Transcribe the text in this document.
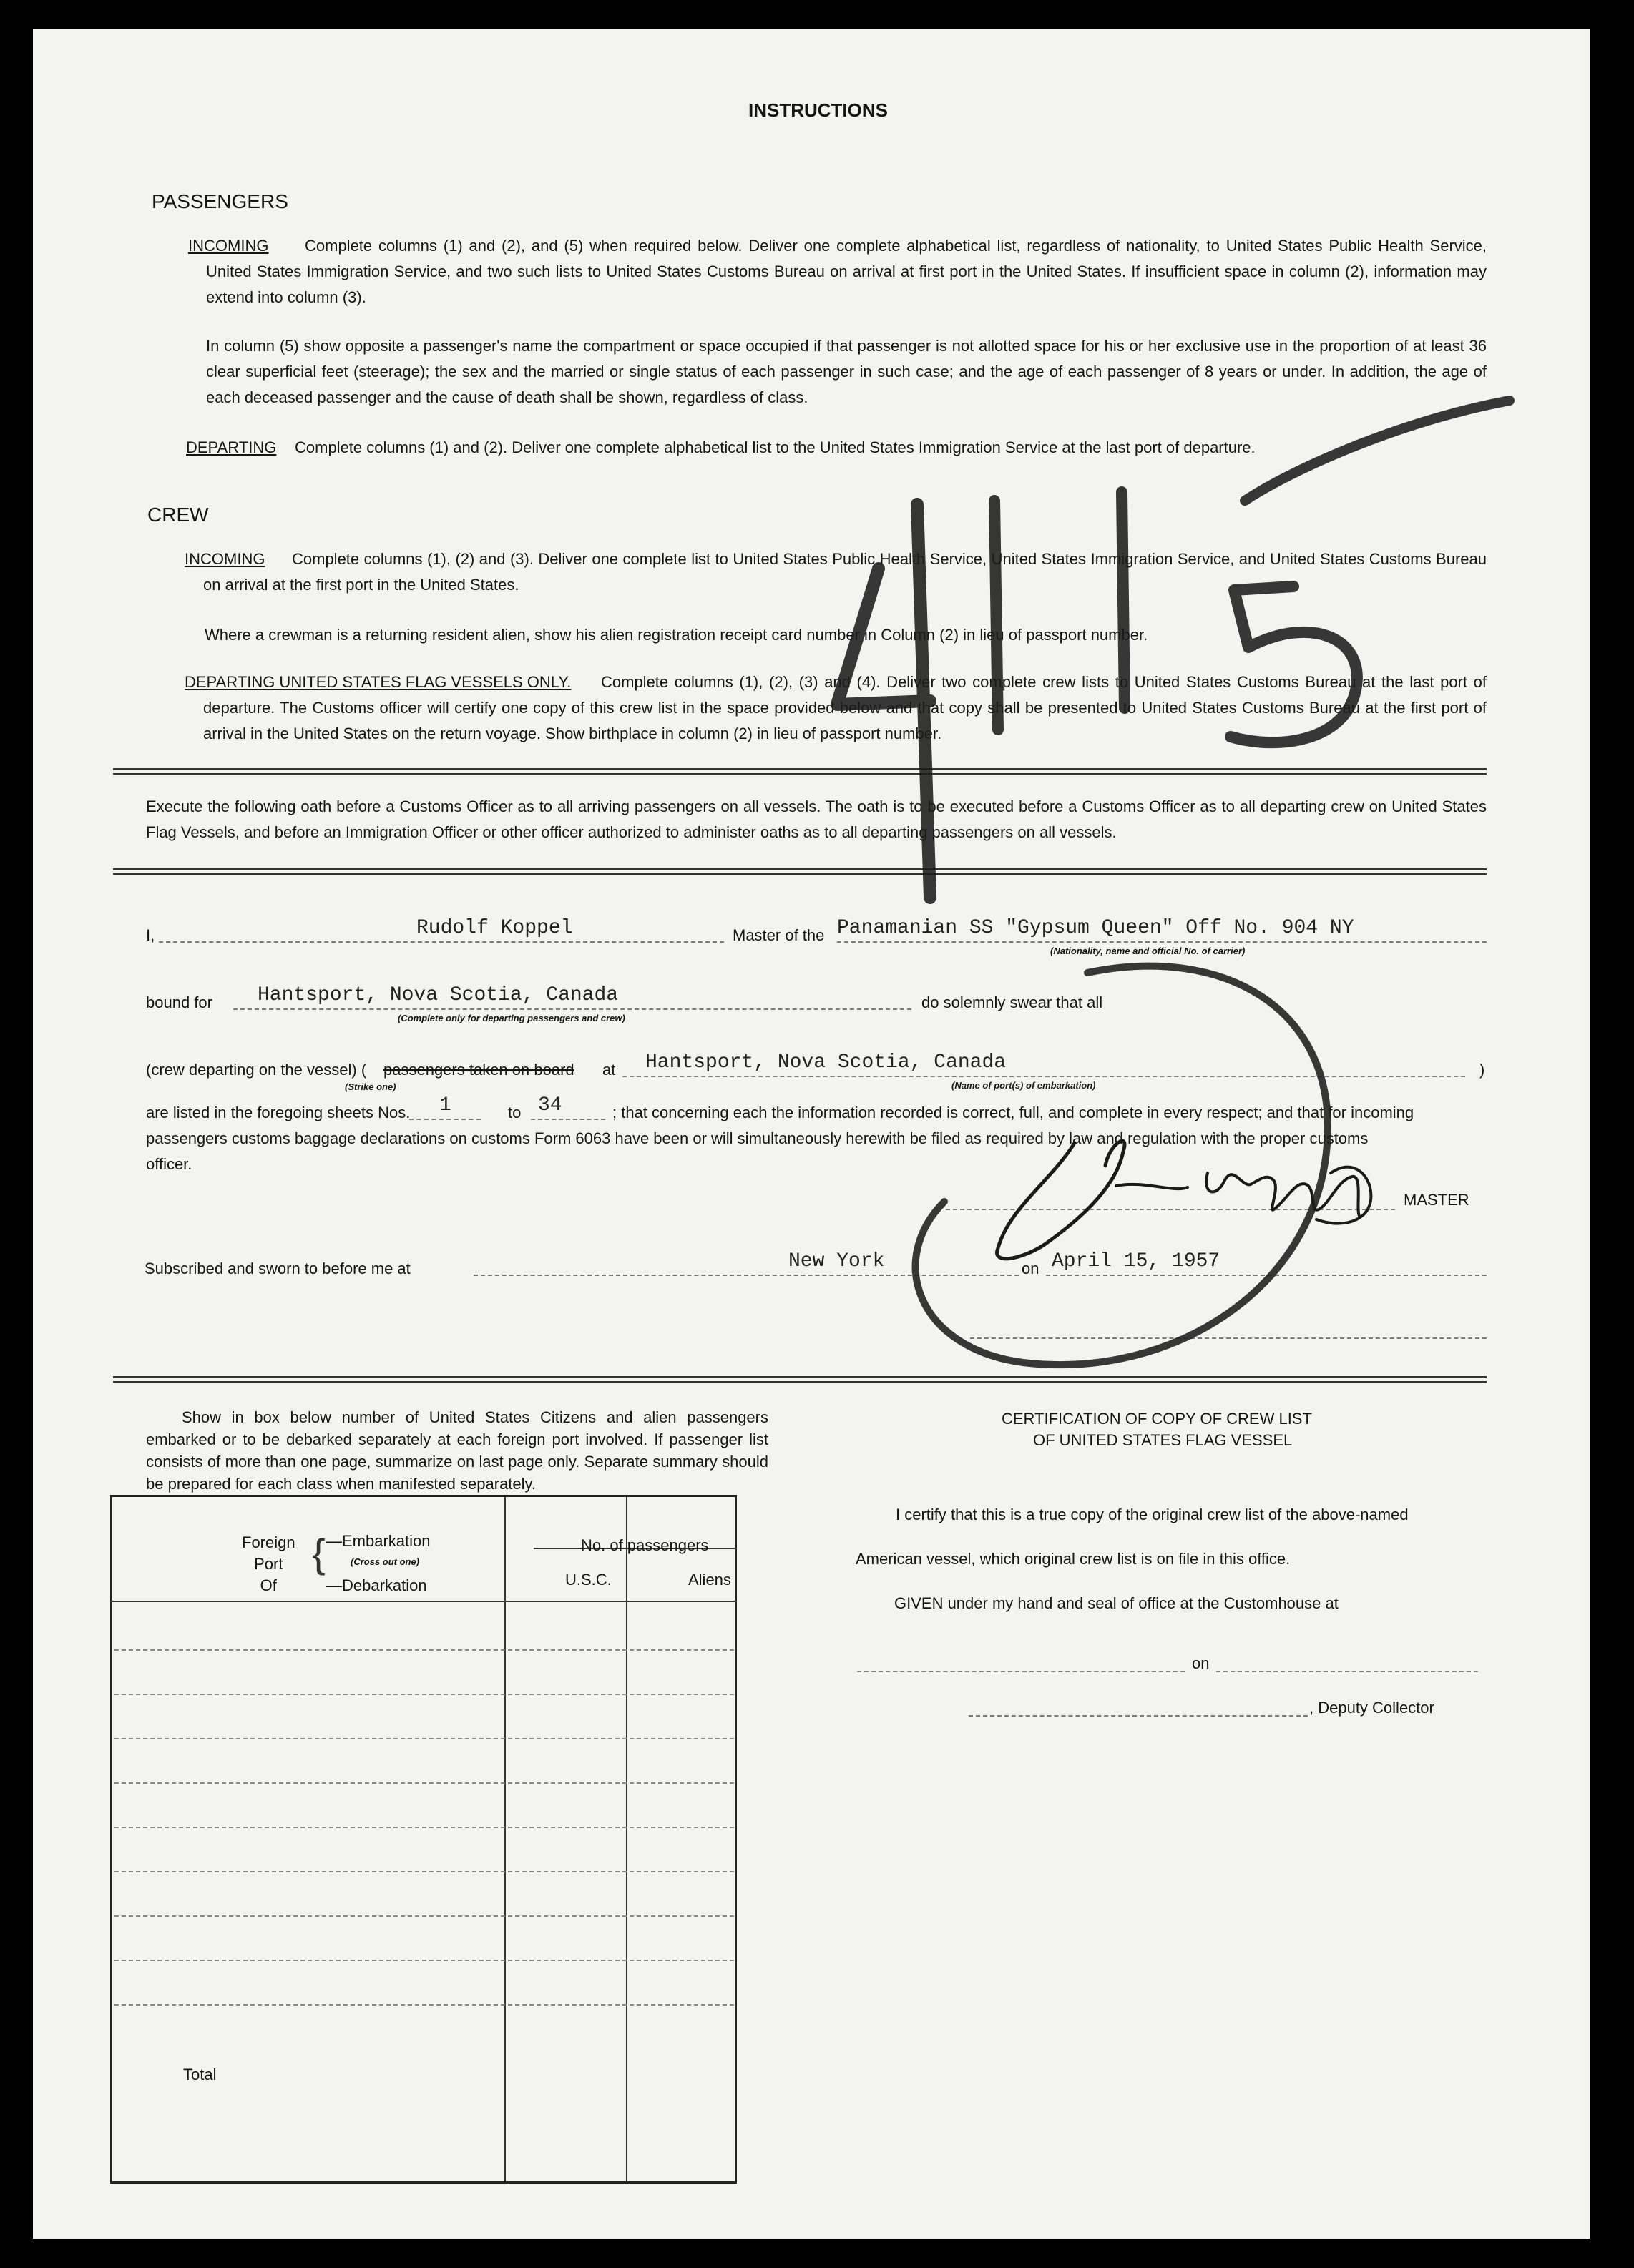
INSTRUCTIONS
PASSENGERS
INCOMING	Complete columns (1) and (2), and (5) when required below. Deliver one complete alphabetical list, regardless of nationality, to United States Public Health Service, United States Immigration Service, and two such lists to United States Customs Bureau on arrival at first port in the United States. If insufficient space in column (2), information may extend into column (3).
In column (5) show opposite a passenger's name the compartment or space occupied if that passenger is not allotted space for his or her exclusive use in the proportion of at least 36 clear superficial feet (steerage); the sex and the married or single status of each passenger in such case; and the age of each passenger of 8 years or under. In addition, the age of each deceased passenger and the cause of death shall be shown, regardless of class.
DEPARTING Complete columns (1) and (2). Deliver one complete alphabetical list to the United States Immigration Service at the last port of departure.
CREW
INCOMING	Complete columns (1), (2) and (3). Deliver one complete list to United States Public Health Service, United States Immigration Service, and United States Customs Bureau on arrival at the first port in the United States.
Where a crewman is a returning resident alien, show his alien registration receipt card number in Column (2) in lieu of passport number.
DEPARTING UNITED STATES FLAG VESSELS ONLY.	Complete columns (1), (2), (3) and (4). Deliver two complete crew lists to United States Customs Bureau at the last port of departure. The Customs officer will certify one copy of this crew list in the space provided below and that copy shall be presented to United States Customs Bureau at the first port of arrival in the United States on the return voyage. Show birthplace in column (2) in lieu of passport number.
Execute the following oath before a Customs Officer as to all arriving passengers on all vessels. The oath is to be executed before a Customs Officer as to all departing crew on United States Flag Vessels, and before an Immigration Officer or other officer authorized to administer oaths as to all departing passengers on all vessels.
I,	Rudolf Koppel	Master of the Panamanian SS "Gypsum Queen" Off No. 904 NY
(Nationality, name and official No. of carrier)
bound for Hantsport, Nova Scotia, Canada
(Complete only for departing passengers and crew)
do solemnly swear that all
(crew departing on the vessel) ( passengers taken on board
(Strike one)
at Hantsport, Nova Scotia, Canada
(Name of port(s) of embarkation)
)
are listed in the foregoing sheets Nos. 1	to 34	; that concerning each the information recorded is correct, full, and complete in every respect; and that for incoming
passengers customs baggage declarations on customs Form 6063 have been or will simultaneously herewith be filed as required by law and regulation with the proper customs
officer.
MASTER
Subscribed and sworn to before me at	New York	on April 15, 1957
Show in box below number of United States Citizens and alien passengers embarked or to be debarked separately at each foreign port involved. If passenger list consists of more than one page, summarize on last page only. Separate summary should be prepared for each class when manifested separately.

Foreign
Port
Of
{ —Embarkation
(Cross out one)
—Debarkation
No. of passengers
U.S.C.	Aliens
Total
CERTIFICATION OF COPY OF CREW LIST
OF UNITED STATES FLAG VESSEL
I certify that this is a true copy of the original crew list of the above-named
American vessel, which original crew list is on file in this office.
GIVEN under my hand and seal of office at the Customhouse at
on
, Deputy Collector
